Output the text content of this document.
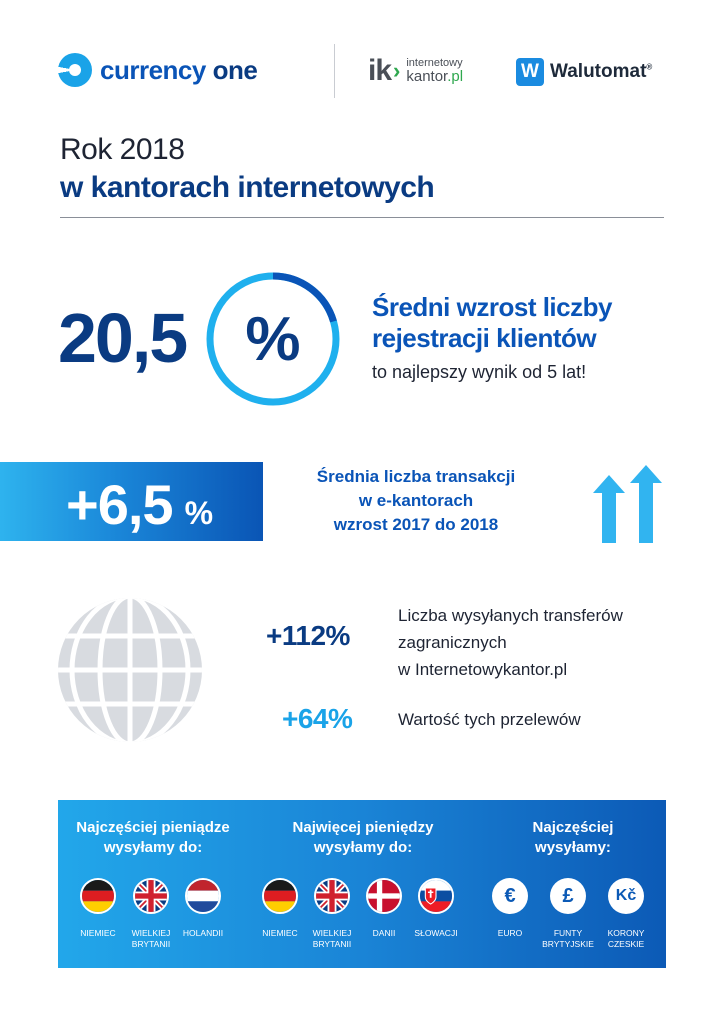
currency one	ik › internetowy
kantor.pl	W Walutomat®
Rok 2018
w kantorach internetowych
20,5 %	Średni wzrost liczby
rejestracji klientów
to najlepszy wynik od 5 lat!
+6,5 %
Średnia liczba transakcji
w e-kantorach
wzrost 2017 do 2018
+112%
Liczba wysyłanych transferów
zagranicznych
w Internetowykantor.pl
+64%	Wartość tych przelewów
Najczęściej pieniądze
wysyłamy do:
Najwięcej pieniędzy
wysyłamy do:
Najczęściej
wysyłamy:
NIEMIEC	WIELKIEJ
BRYTANII
HOLANDII	NIEMIEC	WIELKIEJ
BRYTANII
DANII	SŁOWACJI
€	£	Kč
EURO	FUNTY
BRYTYJSKIE
KORONY
CZESKIE
